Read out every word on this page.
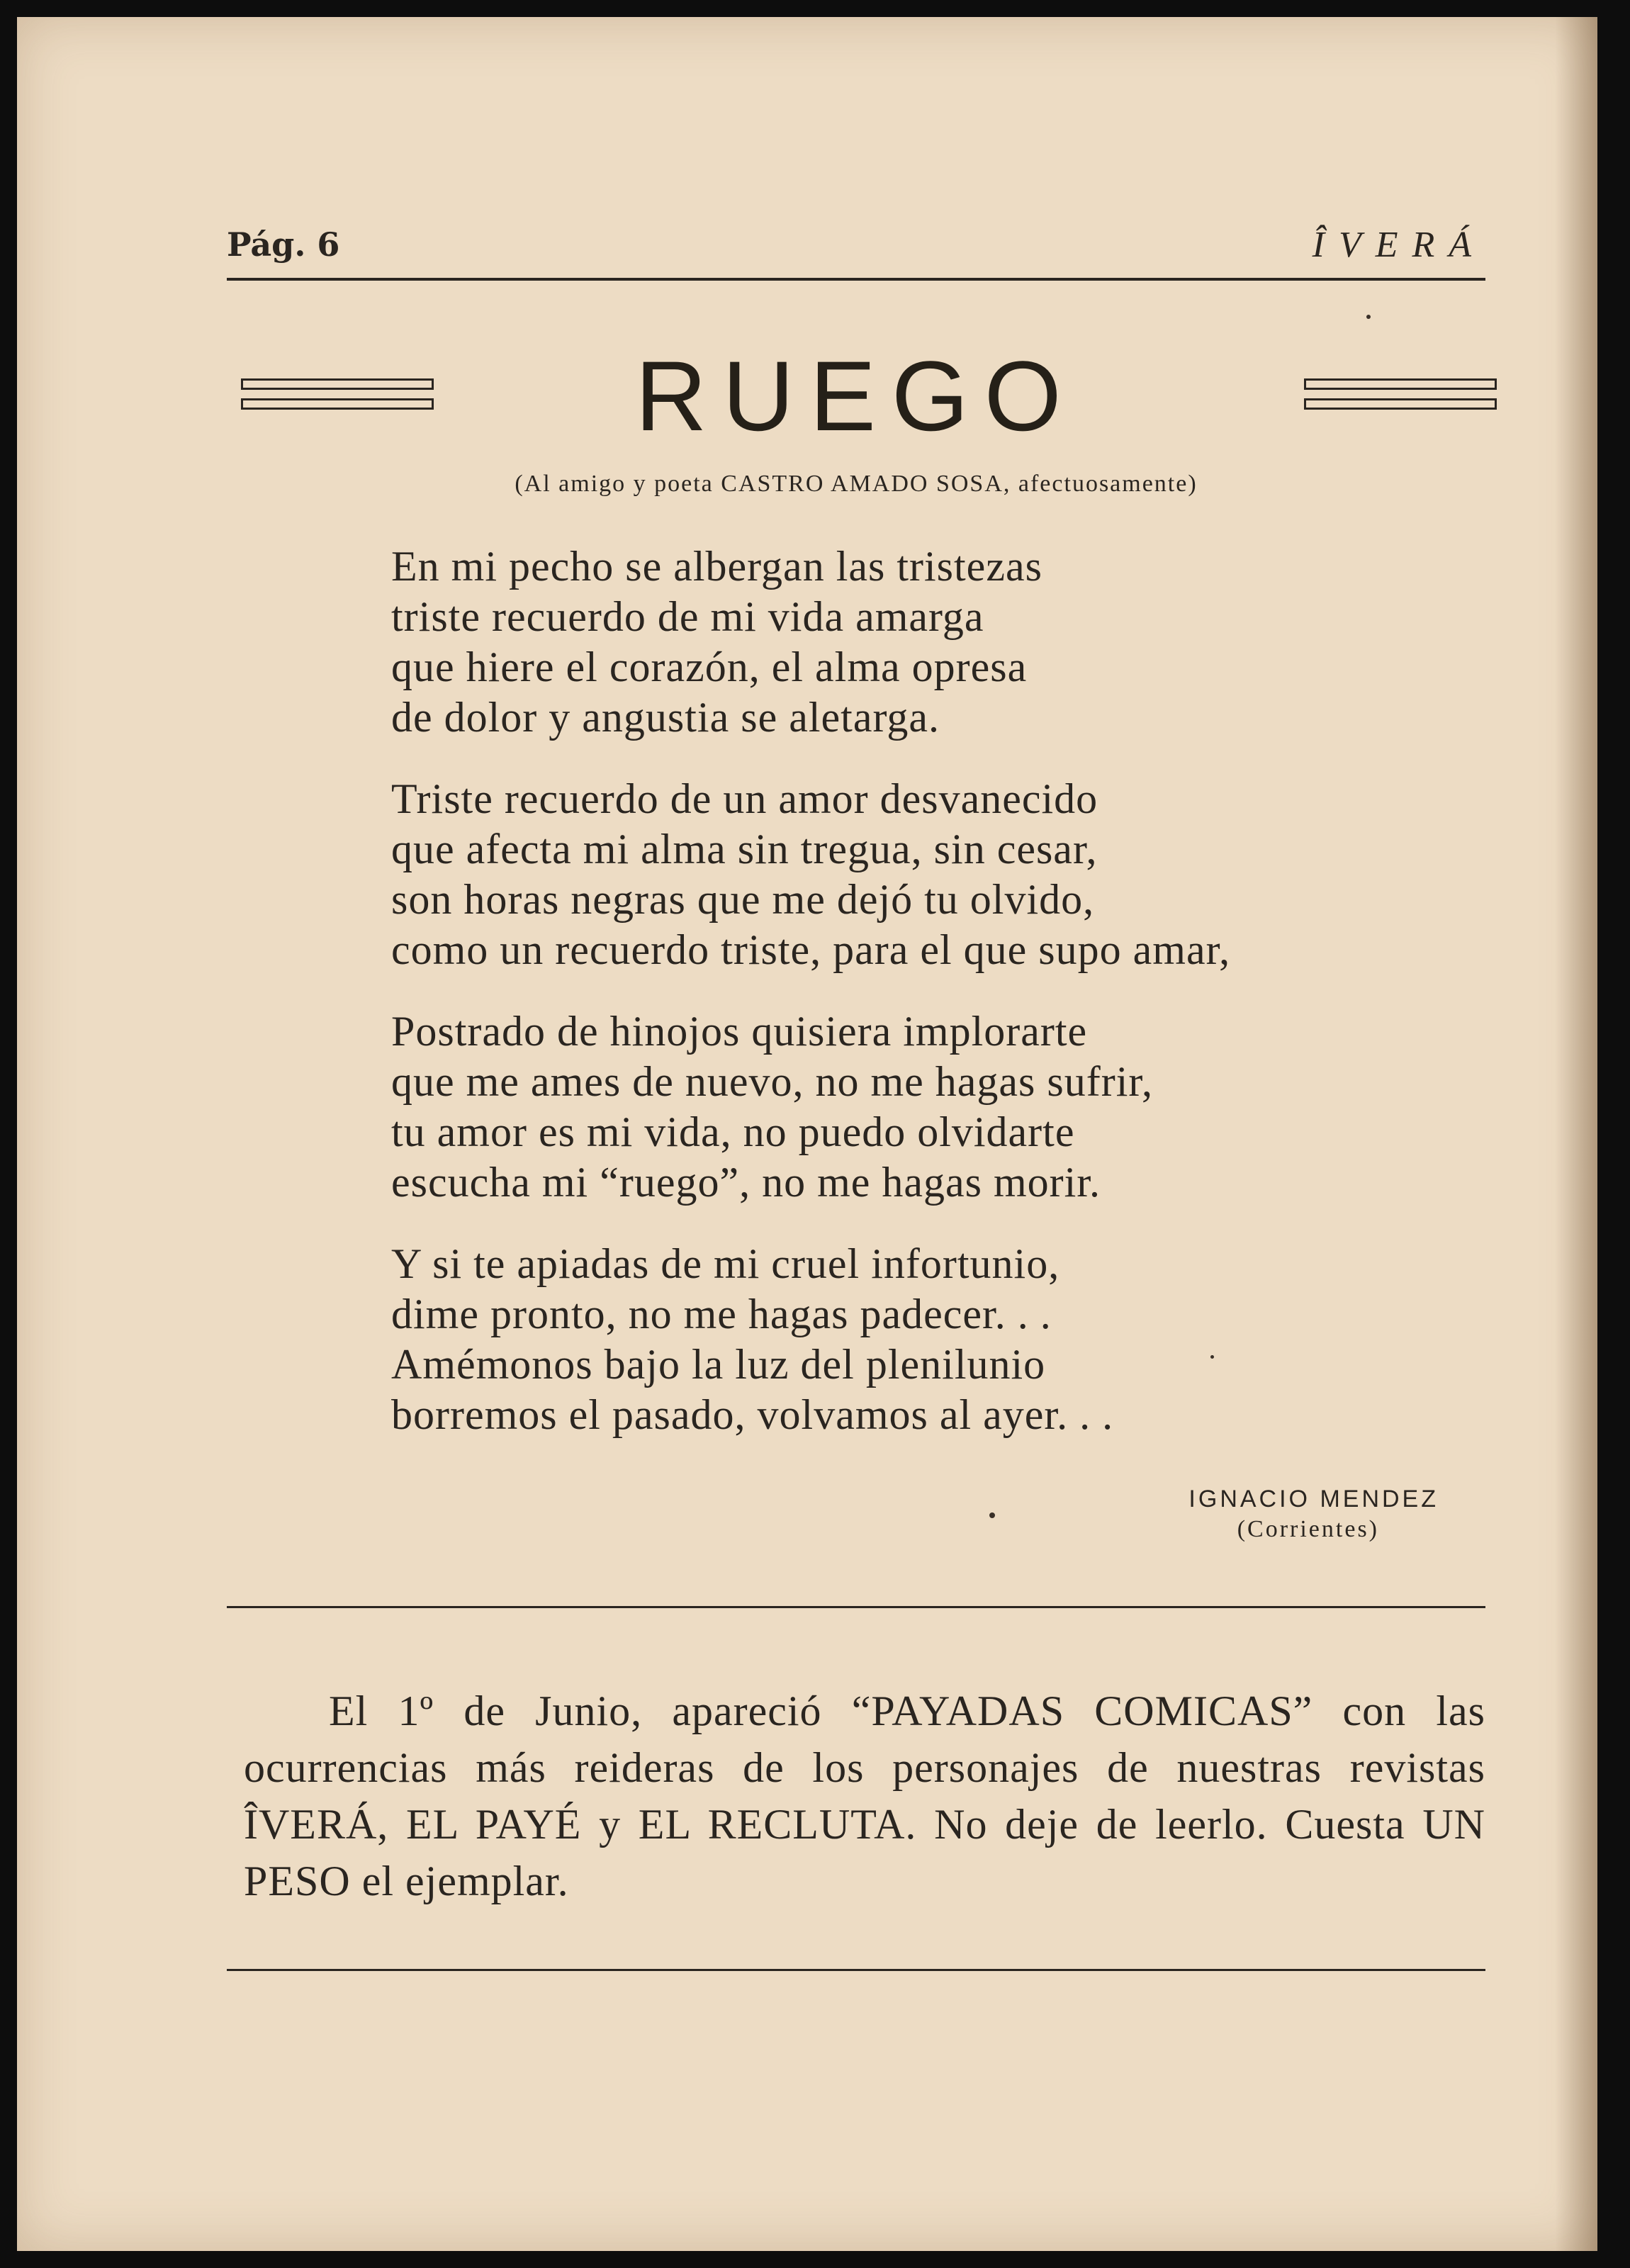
Pág. 6	ÎVERÁ
RUEGO
(Al amigo y poeta CASTRO AMADO SOSA, afectuosamente)
En mi pecho se albergan las tristezas
triste recuerdo de mi vida amarga
que hiere el corazón, el alma opresa
de dolor y angustia se aletarga.
Triste recuerdo de un amor desvanecido
que afecta mi alma sin tregua, sin cesar,
son horas negras que me dejó tu olvido,
como un recuerdo triste, para el que supo amar,
Postrado de hinojos quisiera implorarte
que me ames de nuevo, no me hagas sufrir,
tu amor es mi vida, no puedo olvidarte
escucha mi “ruego”, no me hagas morir.
Y si te apiadas de mi cruel infortunio,
dime pronto, no me hagas padecer. . .
Amémonos bajo la luz del plenilunio
borremos el pasado, volvamos al ayer. . .
IGNACIO MENDEZ
(Corrientes)

El 1º de Junio, apareció “PAYADAS COMICAS” con las ocurrencias más reideras de los personajes de nuestras revistas ÎVERÁ, EL PAYÉ y EL RECLUTA. No deje de leerlo. Cuesta UN PESO el ejemplar.
